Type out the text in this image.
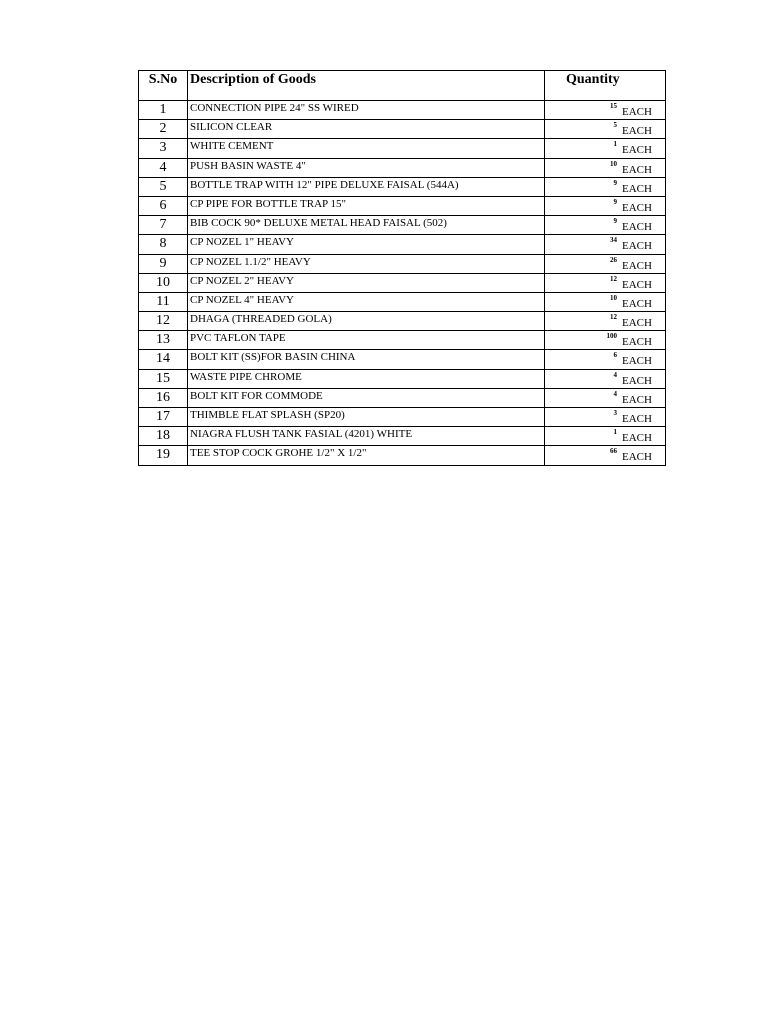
S.No	Description of Goods	Quantity
1	CONNECTION PIPE 24" SS WIRED	15 EACH

2	SILICON CLEAR	5 EACH

3	WHITE CEMENT	1 EACH

4	PUSH BASIN WASTE 4"	10 EACH

5	BOTTLE TRAP WITH 12" PIPE DELUXE FAISAL (544A)	9 EACH

6	CP PIPE FOR BOTTLE TRAP 15"	9 EACH

7	BIB COCK 90* DELUXE METAL HEAD FAISAL (502)	9 EACH

8	CP NOZEL 1" HEAVY	34 EACH

9	CP NOZEL 1.1/2" HEAVY	26 EACH

10	CP NOZEL 2" HEAVY	12 EACH

11	CP NOZEL 4" HEAVY	10 EACH

12	DHAGA (THREADED GOLA)	12 EACH

13	PVC TAFLON TAPE	100 EACH

14	BOLT KIT (SS)FOR BASIN CHINA	6 EACH

15	WASTE PIPE CHROME	4 EACH

16	BOLT KIT FOR COMMODE	4 EACH

17	THIMBLE FLAT SPLASH (SP20)	3 EACH

18	NIAGRA FLUSH TANK FASIAL (4201) WHITE	1 EACH

19	TEE STOP COCK GROHE 1/2" X 1/2"	66 EACH
